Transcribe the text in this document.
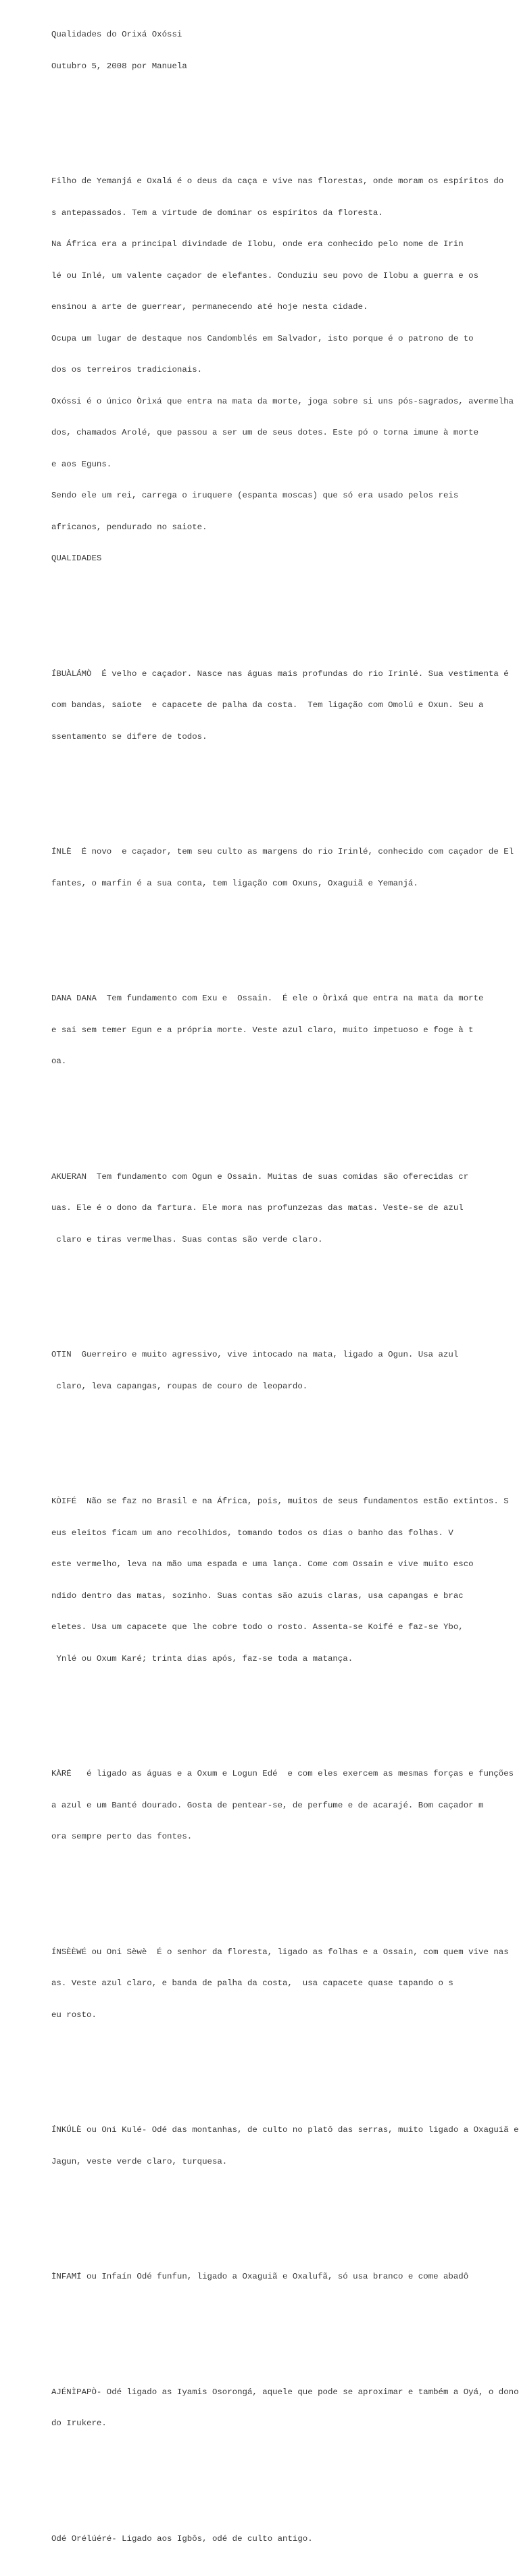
Qualidades do Orixá Oxóssi

Outubro 5, 2008 por Manuela

Filho de Yemanjá e Oxalá é o deus da caça e vive nas florestas, onde moram os espíritos do

s antepassados. Tem a virtude de dominar os espíritos da floresta.

Na África era a principal divindade de Ilobu, onde era conhecido pelo nome de Irin

lé ou Inlé, um valente caçador de elefantes. Conduziu seu povo de Ilobu a guerra e os

ensinou a arte de guerrear, permanecendo até hoje nesta cidade.

Ocupa um lugar de destaque nos Candomblés em Salvador, isto porque é o patrono de to

dos os terreiros tradicionais.

Oxóssi é o único Òrìxá que entra na mata da morte, joga sobre si uns pós-sagrados, avermelha

dos, chamados Arolé, que passou a ser um de seus dotes. Este pó o torna imune à morte

e aos Eguns.

Sendo ele um rei, carrega o iruquere (espanta moscas) que só era usado pelos reis

africanos, pendurado no saiote.

QUALIDADES

ÍBUÀLÁMÒ  É velho e caçador. Nasce nas águas mais profundas do rio Irinlé. Sua vestimenta é

com bandas, saiote  e capacete de palha da costa.  Tem ligação com Omolú e Oxun. Seu a

ssentamento se difere de todos.

ÍNLÈ  É novo  e caçador, tem seu culto as margens do rio Irinlé, conhecido com caçador de El

fantes, o marfin é a sua conta, tem ligação com Oxuns, Oxaguiã e Yemanjá.

DANA DANA  Tem fundamento com Exu e  Ossain.  É ele o Òrìxá que entra na mata da morte

e sai sem temer Egun e a própria morte. Veste azul claro, muito impetuoso e foge à t

oa.

AKUERAN  Tem fundamento com Ogun e Ossain. Muitas de suas comidas são oferecidas cr

uas. Ele é o dono da fartura. Ele mora nas profunzezas das matas. Veste-se de azul

claro e tiras vermelhas. Suas contas são verde claro.

OTIN  Guerreiro e muito agressivo, vive intocado na mata, ligado a Ogun. Usa azul

claro, leva capangas, roupas de couro de leopardo.

KÒIFÉ  Não se faz no Brasil e na África, pois, muitos de seus fundamentos estão extintos. S

eus eleitos ficam um ano recolhidos, tomando todos os dias o banho das folhas. V

este vermelho, leva na mão uma espada e uma lança. Come com Ossain e vive muito esco

ndido dentro das matas, sozinho. Suas contas são azuis claras, usa capangas e brac

eletes. Usa um capacete que lhe cobre todo o rosto. Assenta-se Koifé e faz-se Ybo,

Ynlé ou Oxum Karé; trinta dias após, faz-se toda a matança.

KÀRÉ   é ligado as águas e a Oxum e Logun Edé  e com eles exercem as mesmas forças e funções

a azul e um Banté dourado. Gosta de pentear-se, de perfume e de acarajé. Bom caçador m

ora sempre perto das fontes.

ÍNSÈÈWÉ ou Oni Sèwè  É o senhor da floresta, ligado as folhas e a Ossain, com quem vive nas

as. Veste azul claro, e banda de palha da costa,  usa capacete quase tapando o s

eu rosto.

ÍNKÚLÈ ou Oni Kulé- Odé das montanhas, de culto no platô das serras, muito ligado a Oxaguiã e

Jagun, veste verde claro, turquesa.

ÌNFAMÍ ou Infaín Odé funfun, ligado a Oxaguiã e Oxalufã, só usa branco e come abadô

AJÉNÌPAPÒ- Odé ligado as Iyamis Osorongá, aquele que pode se aproximar e também a Oyá, o dono

do Irukere.

Odé Orélúéré- Ligado aos Igbôs, odé de culto antigo.
